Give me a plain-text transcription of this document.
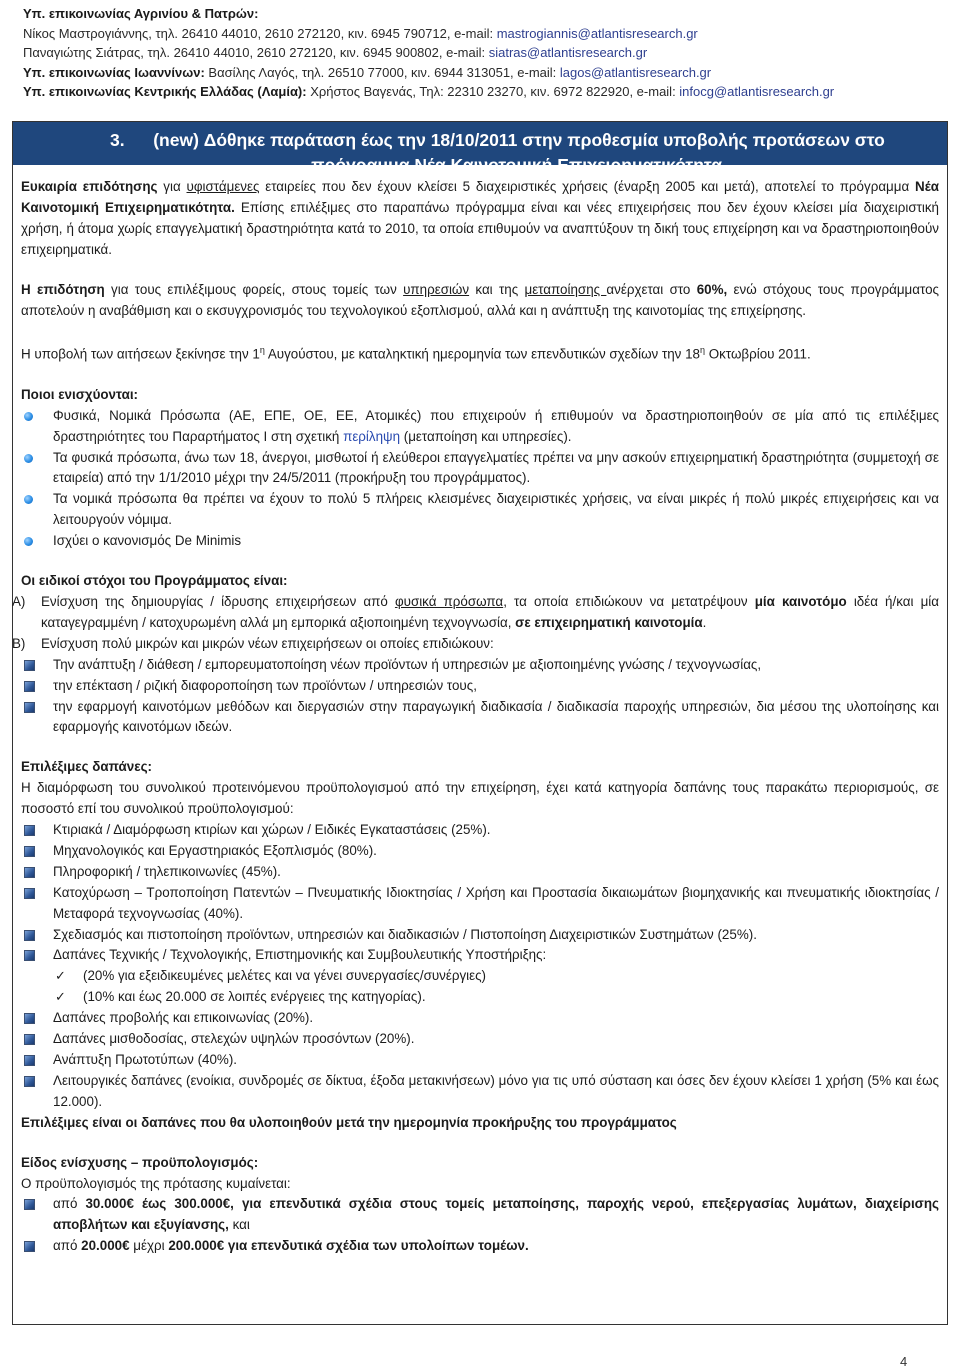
Υπ. επικοινωνίας Αγρινίου & Πατρών:
Νίκος Μαστρογιάννης, τηλ. 26410 44010, 2610 272120, κιν. 6945 790712, e-mail: mastrogiannis@atlantisresearch.gr
Παναγιώτης Σιάτρας, τηλ. 26410 44010, 2610 272120, κιν. 6945 900802, e-mail: siatras@atlantisresearch.gr
Υπ. επικοινωνίας Ιωαννίνων: Βασίλης Λαγός, τηλ. 26510 77000, κιν. 6944 313051, e-mail: lagos@atlantisresearch.gr
Υπ. επικοινωνίας Κεντρικής Ελλάδας (Λαμία): Χρήστος Βαγενάς, Τηλ: 22310 23270, κιν. 6972 822920, e-mail: infocg@atlantisresearch.gr
3.	(new) Δόθηκε παράταση έως την 18/10/2011 στην προθεσμία υποβολής προτάσεων στο
πρόγραμμα Νέα Καινοτομική Επιχειρηματικότητα.

Ευκαιρία επιδότησης για υφιστάμενες εταιρείες που δεν έχουν κλείσει 5 διαχειριστικές χρήσεις (έναρξη 2005 και μετά), αποτελεί το πρόγραμμα Νέα Καινοτομική Επιχειρηματικότητα. Επίσης επιλέξιμες στο παραπάνω πρόγραμμα είναι και νέες επιχειρήσεις που δεν έχουν κλείσει μία διαχειριστική χρήση, ή άτομα χωρίς επαγγελματική δραστηριότητα κατά το 2010, τα οποία επιθυμούν να αναπτύξουν τη δική τους επιχείρηση και να δραστηριοποιηθούν επιχειρηματικά.

Η επιδότηση για τους επιλέξιμους φορείς, στους τομείς των υπηρεσιών και της μεταποίησης ανέρχεται στο 60%, ενώ στόχους τους προγράμματος αποτελούν η αναβάθμιση και ο εκσυγχρονισμός του τεχνολογικού εξοπλισμού, αλλά και η ανάπτυξη της καινοτομίας της επιχείρησης.

Η υποβολή των αιτήσεων ξεκίνησε την $1^\eta$ Αυγούστου, με καταληκτική ημερομηνία των επενδυτικών σχεδίων την $18^\eta$ Οκτωβρίου 2011.

Ποιοι ενισχύονται:

Φυσικά, Νομικά Πρόσωπα (ΑΕ, ΕΠΕ, ΟΕ, ΕΕ, Ατομικές) που επιχειρούν ή επιθυμούν να δραστηριοποιηθούν σε μία από τις επιλέξιμες δραστηριότητες του Παραρτήματος Ι στη σχετική περίληψη (μεταποίηση και υπηρεσίες).
Τα φυσικά πρόσωπα, άνω των 18, άνεργοι, μισθωτοί ή ελεύθεροι επαγγελματίες πρέπει να μην ασκούν επιχειρηματική δραστηριότητα (συμμετοχή σε εταιρεία) από την 1/1/2010 μέχρι την 24/5/2011 (προκήρυξη του προγράμματος).
Τα νομικά πρόσωπα θα πρέπει να έχουν το πολύ 5 πλήρεις κλεισμένες διαχειριστικές χρήσεις, να είναι μικρές ή πολύ μικρές επιχειρήσεις και να λειτουργούν νόμιμα.
Ισχύει ο κανονισμός De Minimis

Οι ειδικοί στόχοι του Προγράμματος είναι:

Α) Ενίσχυση της δημιουργίας / ίδρυσης επιχειρήσεων από φυσικά πρόσωπα, τα οποία επιδιώκουν να μετατρέψουν μία καινοτόμο ιδέα ή/και μία καταγεγραμμένη / κατοχυρωμένη αλλά μη εμπορικά αξιοποιημένη τεχνογνωσία, σε επιχειρηματική καινοτομία.

Β) Ενίσχυση πολύ μικρών και μικρών νέων επιχειρήσεων οι οποίες επιδιώκουν:

Την ανάπτυξη / διάθεση / εμπορευματοποίηση νέων προϊόντων ή υπηρεσιών με αξιοποιημένης γνώσης / τεχνογνωσίας,
την επέκταση / ριζική διαφοροποίηση των προϊόντων / υπηρεσιών τους,
την εφαρμογή καινοτόμων μεθόδων και διεργασιών στην παραγωγική διαδικασία / διαδικασία παροχής υπηρεσιών, δια μέσου της υλοποίησης και εφαρμογής καινοτόμων ιδεών.

Επιλέξιμες δαπάνες:

Η διαμόρφωση του συνολικού προτεινόμενου προϋπολογισμού από την επιχείρηση, έχει κατά κατηγορία δαπάνης τους παρακάτω περιορισμούς, σε ποσοστό επί του συνολικού προϋπολογισμού:

Κτιριακά / Διαμόρφωση κτιρίων και χώρων / Ειδικές Εγκαταστάσεις (25%).
Μηχανολογικός και Εργαστηριακός Εξοπλισμός (80%).
Πληροφορική / τηλεπικοινωνίες (45%).
Κατοχύρωση – Τροποποίηση Πατεντών – Πνευματικής Ιδιοκτησίας / Χρήση και Προστασία δικαιωμάτων βιομηχανικής και πνευματικής ιδιοκτησίας / Μεταφορά τεχνογνωσίας (40%).
Σχεδιασμός και πιστοποίηση προϊόντων, υπηρεσιών και διαδικασιών / Πιστοποίηση Διαχειριστικών Συστημάτων (25%).
Δαπάνες Τεχνικής / Τεχνολογικής, Επιστημονικής και Συμβουλευτικής Υποστήριξης:
✓ (20% για εξειδικευμένες μελέτες και να γένει συνεργασίες/συνέργιες)
✓ (10% και έως 20.000 σε λοιπές ενέργειες της κατηγορίας).
Δαπάνες προβολής και επικοινωνίας (20%).
Δαπάνες μισθοδοσίας, στελεχών υψηλών προσόντων (20%).
Ανάπτυξη Πρωτοτύπων (40%).
Λειτουργικές δαπάνες (ενοίκια, συνδρομές σε δίκτυα, έξοδα μετακινήσεων) μόνο για τις υπό σύσταση και όσες δεν έχουν κλείσει 1 χρήση (5% και έως 12.000).

Επιλέξιμες είναι οι δαπάνες που θα υλοποιηθούν μετά την ημερομηνία προκήρυξης του προγράμματος

Είδος ενίσχυσης – προϋπολογισμός:

Ο προϋπολογισμός της πρότασης κυμαίνεται:

από 30.000€ έως 300.000€, για επενδυτικά σχέδια στους τομείς μεταποίησης, παροχής νερού, επεξεργασίας λυμάτων, διαχείρισης αποβλήτων και εξυγίανσης, και
από 20.000€ μέχρι 200.000€ για επενδυτικά σχέδια των υπολοίπων τομέων.
4
